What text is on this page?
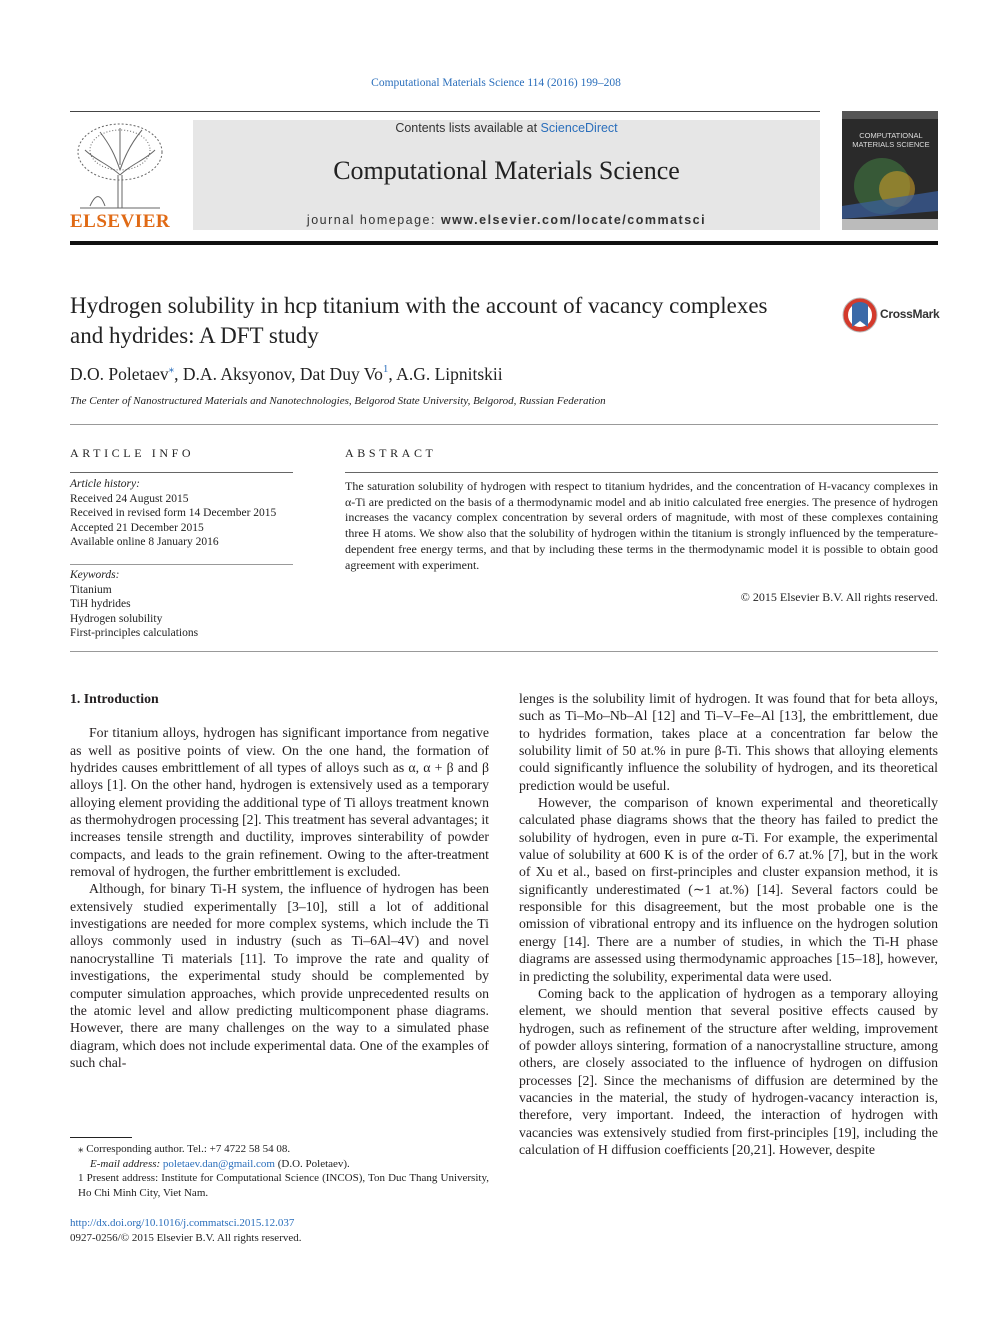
Computational Materials Science 114 (2016) 199–208
ELSEVIER
Contents lists available at ScienceDirect
Computational Materials Science
journal homepage: www.elsevier.com/locate/commatsci
COMPUTATIONAL MATERIALS SCIENCE
Hydrogen solubility in hcp titanium with the account of vacancy complexes and hydrides: A DFT study
CrossMark
D.O. Poletaev⁎, D.A. Aksyonov, Dat Duy Vo$^1$, A.G. Lipnitskii
The Center of Nanostructured Materials and Nanotechnologies, Belgorod State University, Belgorod, Russian Federation
ARTICLE INFO
Article history:
Received 24 August 2015
Received in revised form 14 December 2015
Accepted 21 December 2015
Available online 8 January 2016
Keywords:
Titanium
TiH hydrides
Hydrogen solubility
First-principles calculations
ABSTRACT
The saturation solubility of hydrogen with respect to titanium hydrides, and the concentration of H-vacancy complexes in α-Ti are predicted on the basis of a thermodynamic model and ab initio calculated free energies. The presence of hydrogen increases the vacancy complex concentration by several orders of magnitude, with most of these complexes containing three H atoms. We show also that the solubility of hydrogen within the titanium is strongly influenced by the temperature-dependent free energy terms, and that by including these terms in the thermodynamic model it is possible to obtain good agreement with experiment.
© 2015 Elsevier B.V. All rights reserved.
1. Introduction

For titanium alloys, hydrogen has significant importance from negative as well as positive points of view. On the one hand, the formation of hydrides causes embrittlement of all types of alloys such as α, α + β and β alloys [1]. On the other hand, hydrogen is extensively used as a temporary alloying element providing the additional type of Ti alloys treatment known as thermohydrogen processing [2]. This treatment has several advantages; it increases tensile strength and ductility, improves sinterability of powder compacts, and leads to the grain refinement. Owing to the after-treatment removal of hydrogen, the further embrittlement is excluded.

Although, for binary Ti-H system, the influence of hydrogen has been extensively studied experimentally [3–10], still a lot of additional investigations are needed for more complex systems, which include the Ti alloys commonly used in industry (such as Ti–6Al–4V) and novel nanocrystalline Ti materials [11]. To improve the rate and quality of investigations, the experimental study should be complemented by computer simulation approaches, which provide unprecedented results on the atomic level and allow predicting multicomponent phase diagrams. However, there are many challenges on the way to a simulated phase diagram, which does not include experimental data. One of the examples of such chal-

lenges is the solubility limit of hydrogen. It was found that for beta alloys, such as Ti–Mo–Nb–Al [12] and Ti–V–Fe–Al [13], the embrittlement, due to hydrides formation, takes place at a concentration far below the solubility limit of 50 at.% in pure β-Ti. This shows that alloying elements could significantly influence the solubility of hydrogen, and its theoretical prediction would be useful.

However, the comparison of known experimental and theoretically calculated phase diagrams shows that the theory has failed to predict the solubility of hydrogen, even in pure α-Ti. For example, the experimental value of solubility at 600 K is of the order of 6.7 at.% [7], but in the work of Xu et al., based on first-principles and cluster expansion method, it is significantly underestimated (∼1 at.%) [14]. Several factors could be responsible for this disagreement, but the most probable one is the omission of vibrational entropy and its influence on the hydrogen solution energy [14]. There are a number of studies, in which the Ti-H phase diagrams are assessed using thermodynamic approaches [15–18], however, in predicting the solubility, experimental data were used.

Coming back to the application of hydrogen as a temporary alloying element, we should mention that several positive effects caused by hydrogen, such as refinement of the structure after welding, improvement of powder alloys sintering, formation of a nanocrystalline structure, among others, are closely associated to the influence of hydrogen on diffusion processes [2]. Since the mechanisms of diffusion are determined by the vacancies in the material, the study of hydrogen-vacancy interaction is, therefore, very important. Indeed, the interaction of hydrogen with vacancies was extensively studied from first-principles [19], including the calculation of H diffusion coefficients [20,21]. However, despite

⁎ Corresponding author. Tel.: +7 4722 58 54 08.
E-mail address: poletaev.dan@gmail.com (D.O. Poletaev).
1 Present address: Institute for Computational Science (INCOS), Ton Duc Thang University, Ho Chi Minh City, Viet Nam.
http://dx.doi.org/10.1016/j.commatsci.2015.12.037
0927-0256/© 2015 Elsevier B.V. All rights reserved.
